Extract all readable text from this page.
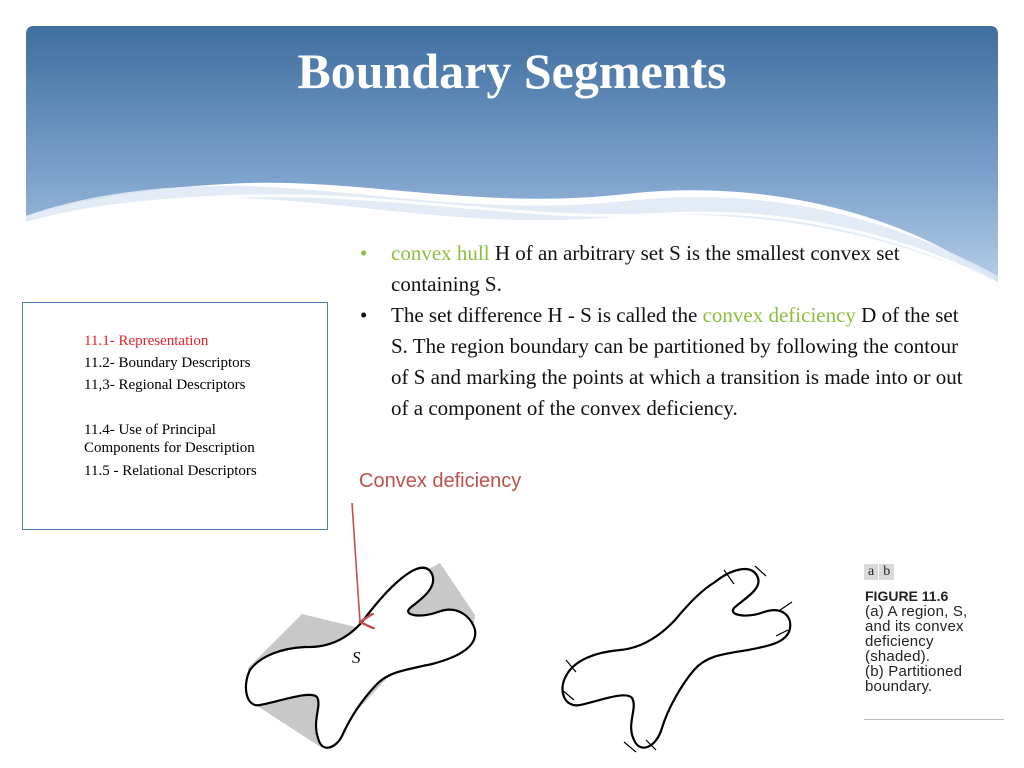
Boundary Segments
11.1- Representation
11.2- Boundary Descriptors
11,3- Regional Descriptors
11.4- Use of Principal
Components for Description
11.5 - Relational Descriptors
• convex hull H of an arbitrary set S is the smallest convex set containing S.
• The set difference H - S is called the convex deficiency D of the set S. The region boundary can be partitioned by following the contour of S and marking the points at which a transition is made into or out of a component of the convex deficiency.
Convex deficiency
S
a b
FIGURE 11.6
(a) A region, S,
and its convex
deficiency
(shaded).
(b) Partitioned
boundary.
